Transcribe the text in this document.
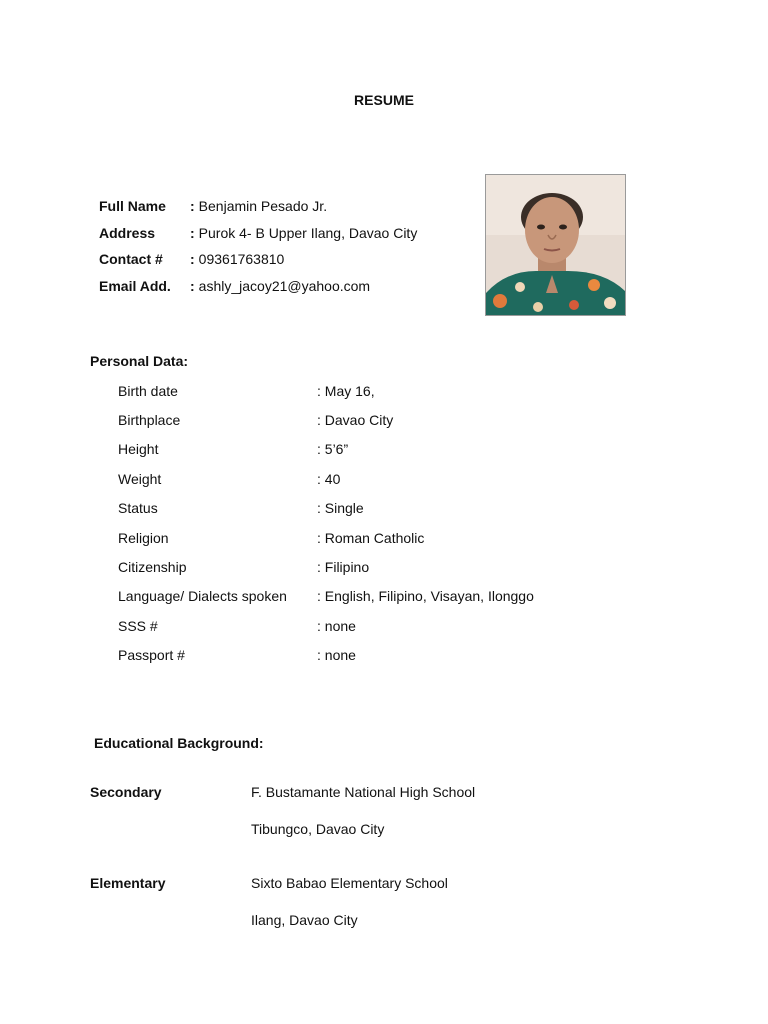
RESUME
Full Name	: Benjamin Pesado Jr.
Address	: Purok 4- B Upper Ilang, Davao City
Contact #	: 09361763810
Email Add.	: ashly_jacoy21@yahoo.com
Personal Data:
Birth date	: May 16,
Birthplace	: Davao City
Height	: 5’6”
Weight	: 40
Status	: Single
Religion	: Roman Catholic
Citizenship	: Filipino
Language/ Dialects spoken	: English, Filipino, Visayan, Ilonggo
SSS #	: none
Passport #	: none
Educational Background:
Secondary	F. Bustamante National High School
Tibungco, Davao City
Elementary	Sixto Babao Elementary School
Ilang, Davao City
